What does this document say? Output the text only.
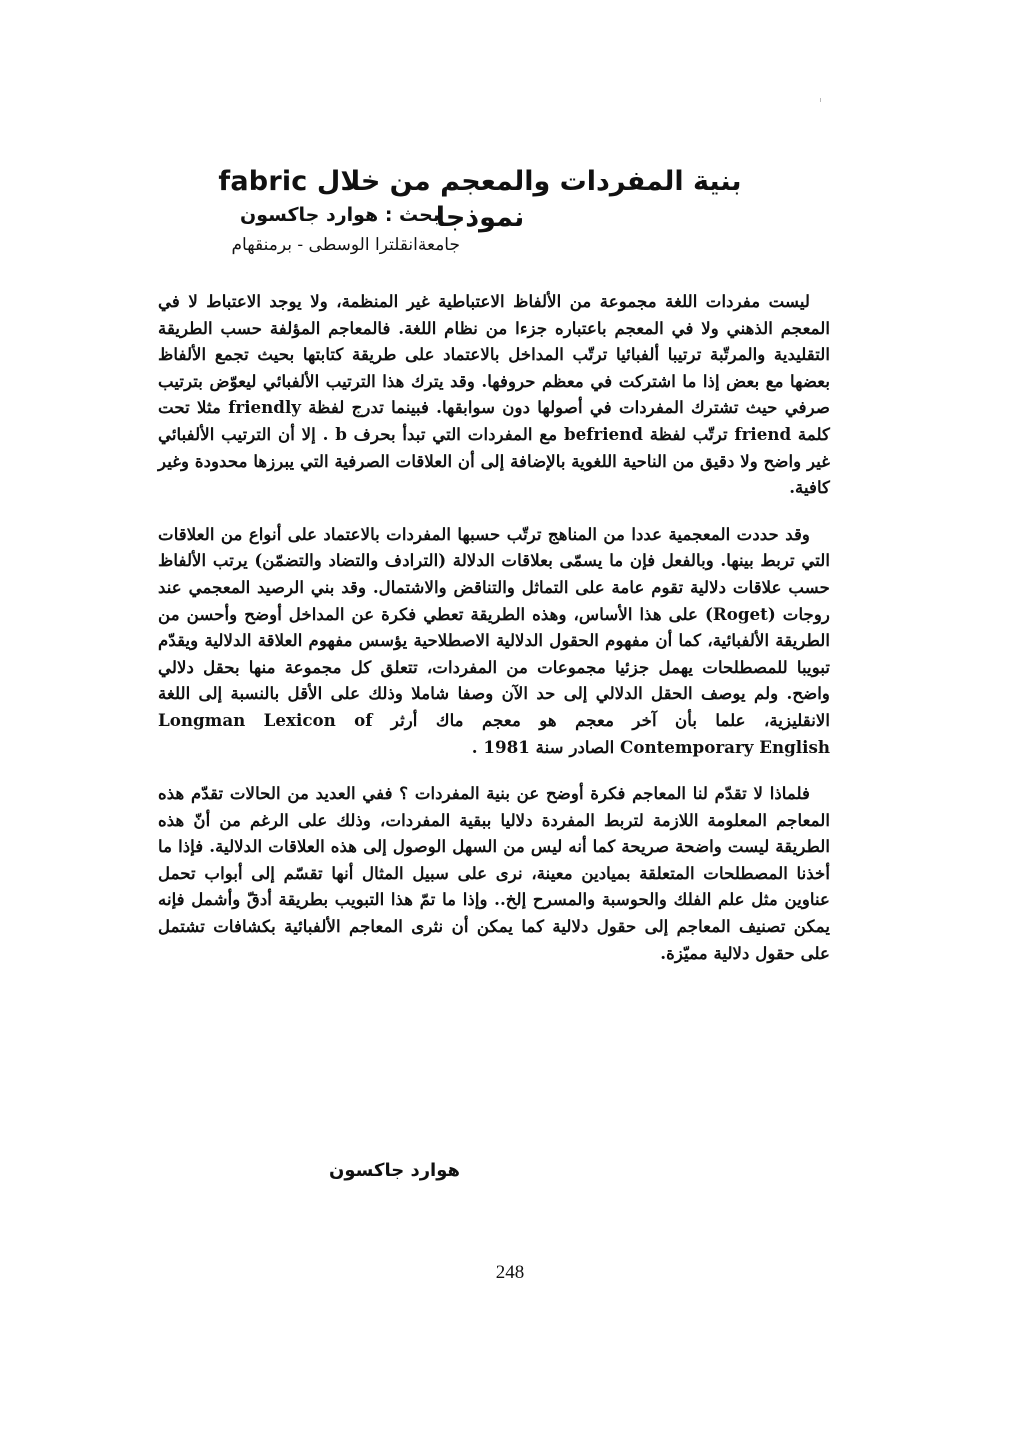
بنية المفردات والمعجم من خلال fabric نموذجا
بحث : هوارد جاكسون
جامعةانقلترا الوسطى - برمنقهام

ليست مفردات اللغة مجموعة من الألفاظ الاعتباطية غير المنظمة، ولا يوجد الاعتباط لا في المعجم الذهني ولا في المعجم باعتباره جزءا من نظام اللغة. فالمعاجم المؤلفة حسب الطريقة التقليدية والمرتّبة ترتيبا ألفبائيا ترتّب المداخل بالاعتماد على طريقة كتابتها بحيث تجمع الألفاظ بعضها مع بعض إذا ما اشتركت في معظم حروفها. وقد يترك هذا الترتيب الألفبائي ليعوّض بترتيب صرفي حيث تشترك المفردات في أصولها دون سوابقها. فبينما تدرج لفظة friendly مثلا تحت كلمة friend ترتّب لفظة befriend مع المفردات التي تبدأ بحرف b . إلا أن الترتيب الألفبائي غير واضح ولا دقيق من الناحية اللغوية بالإضافة إلى أن العلاقات الصرفية التي يبرزها محدودة وغير كافية.

وقد حددت المعجمية عددا من المناهج ترتّب حسبها المفردات بالاعتماد على أنواع من العلاقات التي تربط بينها. وبالفعل فإن ما يسمّى بعلاقات الدلالة (الترادف والتضاد والتضمّن) يرتب الألفاظ حسب علاقات دلالية تقوم عامة على التماثل والتناقض والاشتمال. وقد بني الرصيد المعجمي عند روجات (Roget) على هذا الأساس، وهذه الطريقة تعطي فكرة عن المداخل أوضح وأحسن من الطريقة الألفبائية، كما أن مفهوم الحقول الدلالية الاصطلاحية يؤسس مفهوم العلاقة الدلالية ويقدّم تبويبا للمصطلحات يهمل جزئيا مجموعات من المفردات، تتعلق كل مجموعة منها بحقل دلالي واضح. ولم يوصف الحقل الدلالي إلى حد الآن وصفا شاملا وذلك على الأقل بالنسبة إلى اللغة الانقليزية، علما بأن آخر معجم هو معجم ماك أرثر Longman Lexicon of Contemporary English الصادر سنة 1981 .

فلماذا لا تقدّم لنا المعاجم فكرة أوضح عن بنية المفردات ؟ ففي العديد من الحالات تقدّم هذه المعاجم المعلومة اللازمة لتربط المفردة دلاليا ببقية المفردات، وذلك على الرغم من أنّ هذه الطريقة ليست واضحة صريحة كما أنه ليس من السهل الوصول إلى هذه العلاقات الدلالية. فإذا ما أخذنا المصطلحات المتعلقة بميادين معينة، نرى على سبيل المثال أنها تقسّم إلى أبواب تحمل عناوين مثل علم الفلك والحوسبة والمسرح إلخ.. وإذا ما تمّ هذا التبويب بطريقة أدقّ وأشمل فإنه يمكن تصنيف المعاجم إلى حقول دلالية كما يمكن أن نثرى المعاجم الألفبائية بكشافات تشتمل على حقول دلالية مميّزة.

هوارد جاكسون
248
